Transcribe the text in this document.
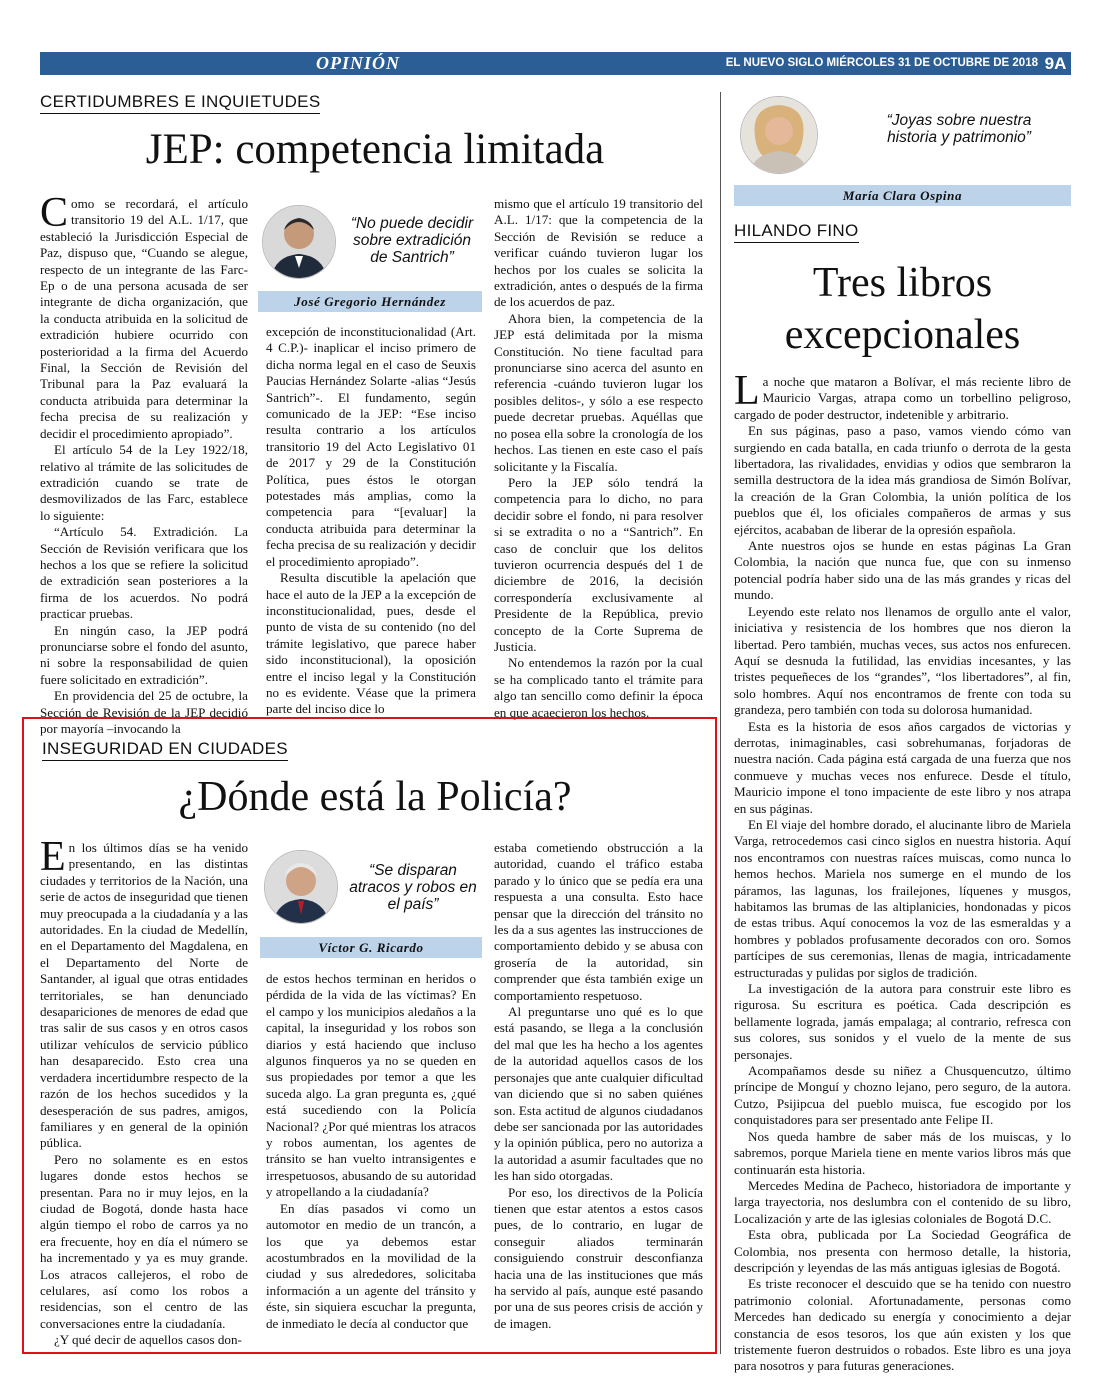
OPINIÓN	EL NUEVO SIGLO MIÉRCOLES 31 DE OCTUBRE DE 2018 9A
CERTIDUMBRES E INQUIETUDES
JEP: competencia limitada

Como se recordará, el artículo transitorio 19 del A.L. 1/17, que estableció la Jurisdicción Especial de Paz, dispuso que, “Cuando se alegue, respecto de un integrante de las Farc-Ep o de una persona acusada de ser integrante de dicha organización, que la conducta atribuida en la solicitud de extradición hubiere ocurrido con posterioridad a la firma del Acuerdo Final, la Sección de Revisión del Tribunal para la Paz evaluará la conducta atribuida para determinar la fecha precisa de su realización y decidir el procedimiento apropiado”.

El artículo 54 de la Ley 1922/18, relativo al trámite de las solicitudes de extradición cuando se trate de desmovilizados de las Farc, establece lo siguiente:

“Artículo 54. Extradición. La Sección de Revisión verificara que los hechos a los que se refiere la solicitud de extradición sean posteriores a la firma de los acuerdos. No podrá practicar pruebas.

En ningún caso, la JEP podrá pronunciarse sobre el fondo del asunto, ni sobre la responsabilidad de quien fuere solicitado en extradición”.

En providencia del 25 de octubre, la Sección de Revisión de la JEP decidió por mayoría –invocando la

“No puede decidir sobre extradición de Santrich”
José Gregorio Hernández

excepción de inconstitucionalidad (Art. 4 C.P.)- inaplicar el inciso primero de dicha norma legal en el caso de Seuxis Paucias Hernández Solarte -alias “Jesús Santrich”-. El fundamento, según comunicado de la JEP: “Ese inciso resulta contrario a los artículos transitorio 19 del Acto Legislativo 01 de 2017 y 29 de la Constitución Política, pues éstos le otorgan potestades más amplias, como la competencia para “[evaluar] la conducta atribuida para determinar la fecha precisa de su realización y decidir el procedimiento apropiado”.

Resulta discutible la apelación que hace el auto de la JEP a la excepción de inconstitucionalidad, pues, desde el punto de vista de su contenido (no del trámite legislativo, que parece haber sido inconstitucional), la oposición entre el inciso legal y la Constitución no es evidente. Véase que la primera parte del inciso dice lo

mismo que el artículo 19 transitorio del A.L. 1/17: que la competencia de la Sección de Revisión se reduce a verificar cuándo tuvieron lugar los hechos por los cuales se solicita la extradición, antes o después de la firma de los acuerdos de paz.

Ahora bien, la competencia de la JEP está delimitada por la misma Constitución. No tiene facultad para pronunciarse sino acerca del asunto en referencia -cuándo tuvieron lugar los posibles delitos-, y sólo a ese respecto puede decretar pruebas. Aquéllas que no posea ella sobre la cronología de los hechos. Las tienen en este caso el país solicitante y la Fiscalía.

Pero la JEP sólo tendrá la competencia para lo dicho, no para decidir sobre el fondo, ni para resolver si se extradita o no a “Santrich”. En caso de concluir que los delitos tuvieron ocurrencia después del 1 de diciembre de 2016, la decisión correspondería exclusivamente al Presidente de la República, previo concepto de la Corte Suprema de Justicia.

No entendemos la razón por la cual se ha complicado tanto el trámite para algo tan sencillo como definir la época en que acaecieron los hechos.

INSEGURIDAD EN CIUDADES
¿Dónde está la Policía?

En los últimos días se ha venido presentando, en las distintas ciudades y territorios de la Nación, una serie de actos de inseguridad que tienen muy preocupada a la ciudadanía y a las autoridades. En la ciudad de Medellín, en el Departamento del Magdalena, en el Departamento del Norte de Santander, al igual que otras entidades territoriales, se han denunciado desapariciones de menores de edad que tras salir de sus casos y en otros casos utilizar vehículos de servicio público han desaparecido. Esto crea una verdadera incertidumbre respecto de la razón de los hechos sucedidos y la desesperación de sus padres, amigos, familiares y en general de la opinión pública.

Pero no solamente es en estos lugares donde estos hechos se presentan. Para no ir muy lejos, en la ciudad de Bogotá, donde hasta hace algún tiempo el robo de carros ya no era frecuente, hoy en día el número se ha incrementado y ya es muy grande. Los atracos callejeros, el robo de celulares, así como los robos a residencias, son el centro de las conversaciones entre la ciudadanía.

¿Y qué decir de aquellos casos don-

“Se disparan atracos y robos en el país”
Víctor G. Ricardo

de estos hechos terminan en heridos o pérdida de la vida de las víctimas? En el campo y los municipios aledaños a la capital, la inseguridad y los robos son diarios y está haciendo que incluso algunos finqueros ya no se queden en sus propiedades por temor a que les suceda algo. La gran pregunta es, ¿qué está sucediendo con la Policía Nacional? ¿Por qué mientras los atracos y robos aumentan, los agentes de tránsito se han vuelto intransigentes e irrespetuosos, abusando de su autoridad y atropellando a la ciudadanía?

En días pasados vi como un automotor en medio de un trancón, a los que ya debemos estar acostumbrados en la movilidad de la ciudad y sus alrededores, solicitaba información a un agente del tránsito y éste, sin siquiera escuchar la pregunta, de inmediato le decía al conductor que

estaba cometiendo obstrucción a la autoridad, cuando el tráfico estaba parado y lo único que se pedía era una respuesta a una consulta. Esto hace pensar que la dirección del tránsito no les da a sus agentes las instrucciones de comportamiento debido y se abusa con grosería de la autoridad, sin comprender que ésta también exige un comportamiento respetuoso.

Al preguntarse uno qué es lo que está pasando, se llega a la conclusión del mal que les ha hecho a los agentes de la autoridad aquellos casos de los personajes que ante cualquier dificultad van diciendo que si no saben quiénes son. Esta actitud de algunos ciudadanos debe ser sancionada por las autoridades y la opinión pública, pero no autoriza a la autoridad a asumir facultades que no les han sido otorgadas.

Por eso, los directivos de la Policía tienen que estar atentos a estos casos pues, de lo contrario, en lugar de conseguir aliados terminarán consiguiendo construir desconfianza hacia una de las instituciones que más ha servido al país, aunque esté pasando por una de sus peores crisis de acción y de imagen.

“Joyas sobre nuestra historia y patrimonio”
María Clara Ospina
HILANDO FINO
Tres libros
excepcionales

La noche que mataron a Bolívar, el más reciente libro de Mauricio Vargas, atrapa como un torbellino peligroso, cargado de poder destructor, indetenible y arbitrario.

En sus páginas, paso a paso, vamos viendo cómo van surgiendo en cada batalla, en cada triunfo o derrota de la gesta libertadora, las rivalidades, envidias y odios que sembraron la semilla destructora de la idea más grandiosa de Simón Bolívar, la creación de la Gran Colombia, la unión política de los pueblos que él, los oficiales compañeros de armas y sus ejércitos, acababan de liberar de la opresión española.

Ante nuestros ojos se hunde en estas páginas La Gran Colombia, la nación que nunca fue, que con su inmenso potencial podría haber sido una de las más grandes y ricas del mundo.

Leyendo este relato nos llenamos de orgullo ante el valor, iniciativa y resistencia de los hombres que nos dieron la libertad. Pero también, muchas veces, sus actos nos enfurecen. Aquí se desnuda la futilidad, las envidias incesantes, y las tristes pequeñeces de los “grandes”, “los libertadores”, al fin, solo hombres. Aquí nos encontramos de frente con toda su grandeza, pero también con toda su dolorosa humanidad.

Esta es la historia de esos años cargados de victorias y derrotas, inimaginables, casi sobrehumanas, forjadoras de nuestra nación. Cada página está cargada de una fuerza que nos conmueve y muchas veces nos enfurece. Desde el título, Mauricio impone el tono impaciente de este libro y nos atrapa en sus páginas.

En El viaje del hombre dorado, el alucinante libro de Mariela Varga, retrocedemos casi cinco siglos en nuestra historia. Aquí nos encontramos con nuestras raíces muiscas, como nunca lo hemos hechos. Mariela nos sumerge en el mundo de los páramos, las lagunas, los frailejones, líquenes y musgos, habitamos las brumas de las altiplanicies, hondonadas y picos de estas tribus. Aquí conocemos la voz de las esmeraldas y a hombres y poblados profusamente decorados con oro. Somos partícipes de sus ceremonias, llenas de magia, intricadamente estructuradas y pulidas por siglos de tradición.

La investigación de la autora para construir este libro es rigurosa. Su escritura es poética. Cada descripción es bellamente lograda, jamás empalaga; al contrario, refresca con sus colores, sus sonidos y el vuelo de la mente de sus personajes.

Acompañamos desde su niñez a Chusquencutzo, último príncipe de Monguí y chozno lejano, pero seguro, de la autora. Cutzo, Psijipcua del pueblo muisca, fue escogido por los conquistadores para ser presentado ante Felipe II.

Nos queda hambre de saber más de los muiscas, y lo sabremos, porque Mariela tiene en mente varios libros más que continuarán esta historia.

Mercedes Medina de Pacheco, historiadora de importante y larga trayectoria, nos deslumbra con el contenido de su libro, Localización y arte de las iglesias coloniales de Bogotá D.C.

Esta obra, publicada por La Sociedad Geográfica de Colombia, nos presenta con hermoso detalle, la historia, descripción y leyendas de las más antiguas iglesias de Bogotá.

Es triste reconocer el descuido que se ha tenido con nuestro patrimonio colonial. Afortunadamente, personas como Mercedes han dedicado su energía y conocimiento a dejar constancia de esos tesoros, los que aún existen y los que tristemente fueron destruidos o robados. Este libro es una joya para nosotros y para futuras generaciones.
